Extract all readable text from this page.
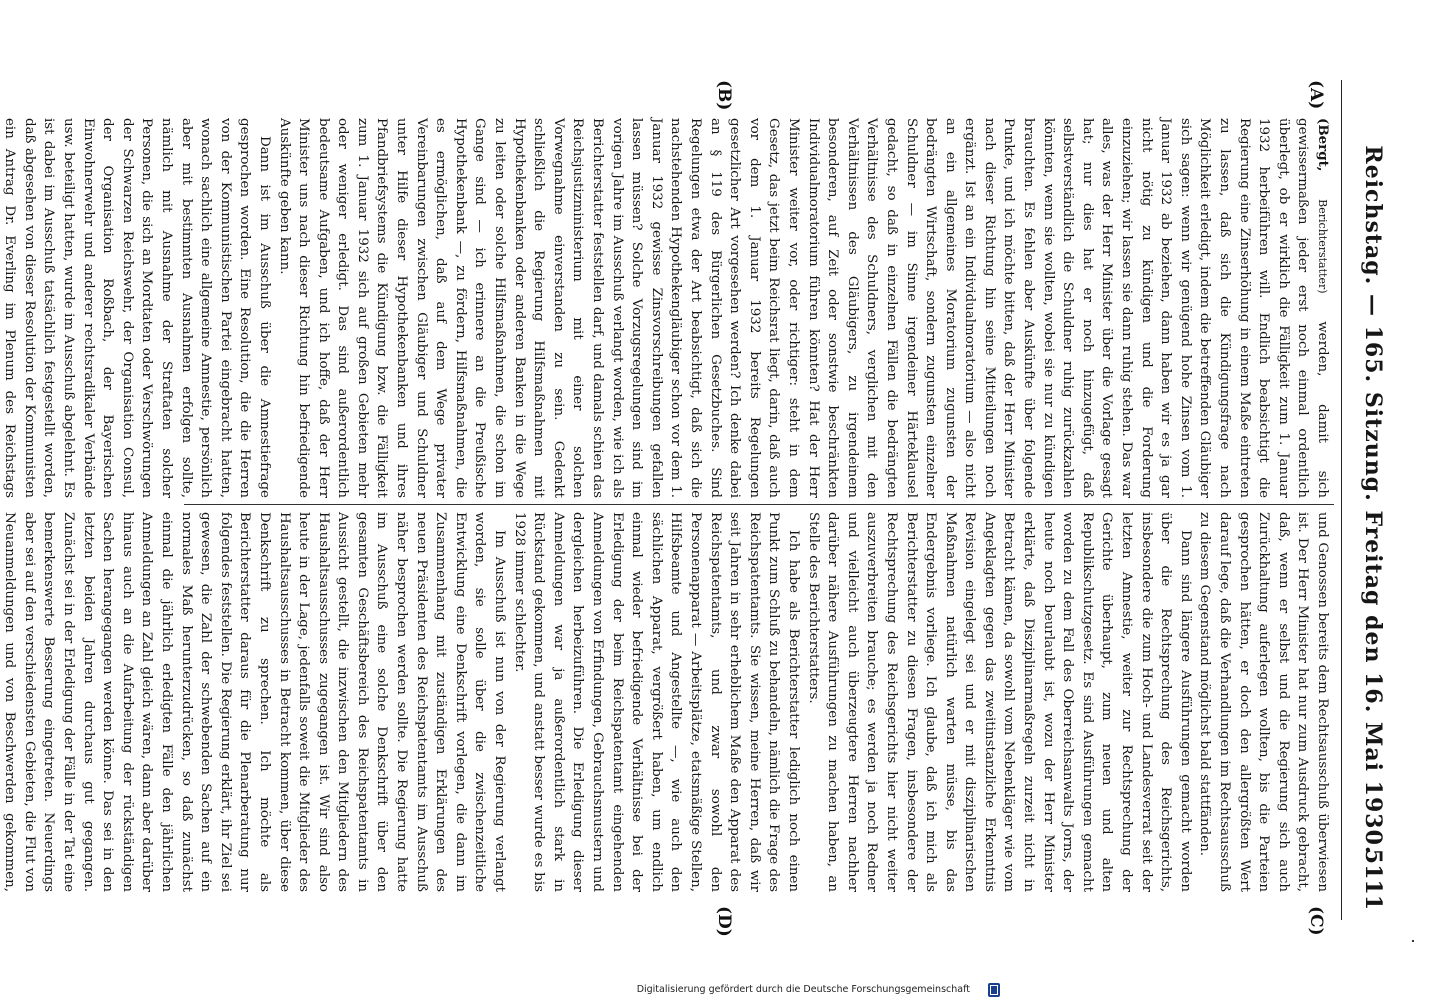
Reichstag. — 165. Sitzung. Freitag den 16. Mai 1930.
5111
(A)
(B)
(C)
(D)

(Bergt, Berichterstatter) werden, damit sich gewissermaßen jeder erst noch einmal ordentlich überlegt, ob er wirklich die Fälligkeit zum 1. Januar 1932 herbeiführen will. Endlich beabsichtigt die Regierung eine Zinserhöhung in einem Maße eintreten zu lassen, daß sich die Kündigungsfrage nach Möglichkeit erledigt, indem die betreffenden Gläubiger sich sagen: wenn wir genügend hohe Zinsen vom 1. Januar 1932 ab beziehen, dann haben wir es ja gar nicht nötig zu kündigen und die Forderung einzuziehen; wir lassen sie dann ruhig stehen. Das war alles, was der Herr Minister über die Vorlage gesagt hat; nur dies hat er noch hinzugefügt, daß selbstverständlich die Schuldner ruhig zurückzahlen könnten, wenn sie wollten, wobei sie nur zu kündigen brauchten. Es fehlen aber Auskünfte über folgende Punkte, und ich möchte bitten, daß der Herr Minister nach dieser Richtung hin seine Mitteilungen noch ergänzt. Ist an ein Individualmoratorium — also nicht an ein allgemeines Moratorium zugunsten der bedrängten Wirtschaft, sondern zugunsten einzelner Schuldner — im Sinne irgendeiner Härteklausel gedacht, so daß in einzelnen Fällen die bedrängten Verhältnisse des Schuldners, verglichen mit den Verhältnissen des Gläubigers, zu irgendeinem besonderen, auf Zeit oder sonstwie beschränkten Individualmoratorium führen könnten? Hat der Herr Minister weiter vor, oder richtiger: steht in dem Gesetz, das jetzt beim Reichsrat liegt, darin, daß auch vor dem 1. Januar 1932 bereits Regelungen gesetzlicher Art vorgesehen werden? Ich denke dabei an § 119 des Bürgerlichen Gesetzbuches. Sind Regelungen etwa der Art beabsichtigt, daß sich die nachstehenden Hypothekengläubiger schon vor dem 1. Januar 1932 gewisse Zinsvorschreibungen gefallen lassen müssen? Solche Vorzugsregelungen sind im vorigen Jahre im Ausschuß verlangt worden, wie ich als Berichterstatter feststellen darf, und damals schien das Reichsjustizministerium mit einer solchen Vorwegnahme einverstanden zu sein. Gedenkt schließlich die Regierung Hilfsmaßnahmen mit Hypothekenbanken oder anderen Banken in die Wege zu leiten oder solche Hilfsmaßnahmen, die schon im Gange sind — ich erinnere an die Preußische Hypothekenbank —, zu fördern, Hilfsmaßnahmen, die es ermöglichen, daß auf dem Wege privater Vereinbarungen zwischen Gläubiger und Schuldner unter Hilfe dieser Hypothekenbanken und ihres Pfandbriefsystems die Kündigung bzw. die Fälligkeit zum 1. Januar 1932 sich auf großen Gebieten mehr oder weniger erledigt. Das sind außerordentlich bedeutsame Aufgaben, und ich hoffe, daß der Herr Minister uns nach dieser Richtung hin befriedigende Auskünfte geben kann.

Dann ist im Ausschuß über die Amnestiefrage gesprochen worden. Eine Resolution, die die Herren von der Kommunistischen Partei eingebracht hatten, wonach sachlich eine allgemeine Amnestie, persönlich aber mit bestimmten Ausnahmen erfolgen sollte, nämlich mit Ausnahme der Straftaten solcher Personen, die sich an Mordtaten oder Verschwörungen der Schwarzen Reichswehr, der Organisation Consul, der Organisation Roßbach, der Bayerischen Einwohnerwehr und anderer rechtsradikaler Verbände usw. beteiligt hatten, wurde im Ausschuß abgelehnt. Es ist dabei im Ausschuß tatsächlich festgestellt worden, daß abgesehen von dieser Resolution der Kommunisten ein Antrag Dr. Everling im Plenum des Reichstags

und Genossen bereits dem Rechtsausschuß überwiesen ist. Der Herr Minister hat nur zum Ausdruck gebracht, daß, wenn er selbst und die Regierung sich auch Zurückhaltung auferlegen wollten, bis die Parteien gesprochen hätten, er doch den allergrößten Wert darauf lege, daß die Verhandlungen im Rechtsausschuß zu diesem Gegenstand möglichst bald stattfänden.

Dann sind längere Ausführungen gemacht worden über die Rechtsprechung des Reichsgerichts, insbesondere die zum Hoch- und Landesverrat seit der letzten Amnestie, weiter zur Rechtsprechung der Gerichte überhaupt, zum neuen und alten Republikschutzgesetz. Es sind Ausführungen gemacht worden zu dem Fall des Oberreichsanwalts Jorns, der heute noch beurlaubt ist, wozu der Herr Minister erklärte, daß Disziplinarmaßregeln zurzeit nicht in Betracht kämen, da sowohl vom Nebenkläger wie vom Angeklagten gegen das zweitinstanzliche Erkenntnis Revision eingelegt sei und er mit disziplinarischen Maßnahmen natürlich warten müsse, bis das Endergebnis vorliege. Ich glaube, daß ich mich als Berichterstatter zu diesen Fragen, insbesondere der Rechtsprechung des Reichsgerichts hier nicht weiter auszuverbreiten brauche; es werden ja noch Redner und vielleicht auch überzeugtere Herren nachher darüber nähere Ausführungen zu machen haben, an Stelle des Berichterstatters.

Ich habe als Berichterstatter lediglich noch einen Punkt zum Schluß zu behandeln, nämlich die Frage des Reichspatentamts. Sie wissen, meine Herren, daß wir seit Jahren in sehr erheblichem Maße den Apparat des Reichspatentamts, und zwar sowohl den Personenapparat — Arbeitsplätze, etatsmäßige Stellen, Hilfsbeamte und Angestellte —, wie auch den sächlichen Apparat, vergrößert haben, um endlich einmal wieder befriedigende Verhältnisse bei der Erledigung der beim Reichspatentamt eingehenden Anmeldungen von Erfindungen, Gebrauchsmustern und dergleichen herbeizuführen. Die Erledigung dieser Anmeldungen war ja außerordentlich stark in Rückstand gekommen, und anstatt besser wurde es bis 1928 immer schlechter.

Im Ausschuß ist nun von der Regierung verlangt worden, sie solle über die zwischenzeitliche Entwicklung eine Denkschrift vorlegen, die dann im Zusammenhang mit zuständigen Erklärungen des neuen Präsidenten des Reichspatentamts im Ausschuß näher besprochen werden sollte. Die Regierung hatte im Ausschuß eine solche Denkschrift über den gesamten Geschäftsbereich des Reichspatentamts in Aussicht gestellt, die inzwischen den Mitgliedern des Haushaltsausschusses zugegangen ist. Wir sind also heute in der Lage, jedenfalls soweit die Mitglieder des Haushaltsausschusses in Betracht kommen, über diese Denkschrift zu sprechen. Ich möchte als Berichterstatter daraus für die Plenarberatung nur folgendes feststellen. Die Regierung erklärt, ihr Ziel sei gewesen, die Zahl der schwebenden Sachen auf ein normales Maß herunterzudrücken, so daß zunächst einmal die jährlich erledigten Fälle den jährlichen Anmeldungen an Zahl gleich wären, dann aber darüber hinaus auch an die Aufarbeitung der rückständigen Sachen herangegangen werden könne. Das sei in den letzten beiden Jahren durchaus gut gegangen. Zunächst sei in der Erledigung der Fälle in der Tat eine bemerkenswerte Besserung eingetreten. Neuerdings aber sei auf den verschiedensten Gebieten, die Flut von Neuanmeldungen und von Beschwerden gekommen,

Digitalisierung gefördert durch die Deutsche Forschungsgemeinschaft
